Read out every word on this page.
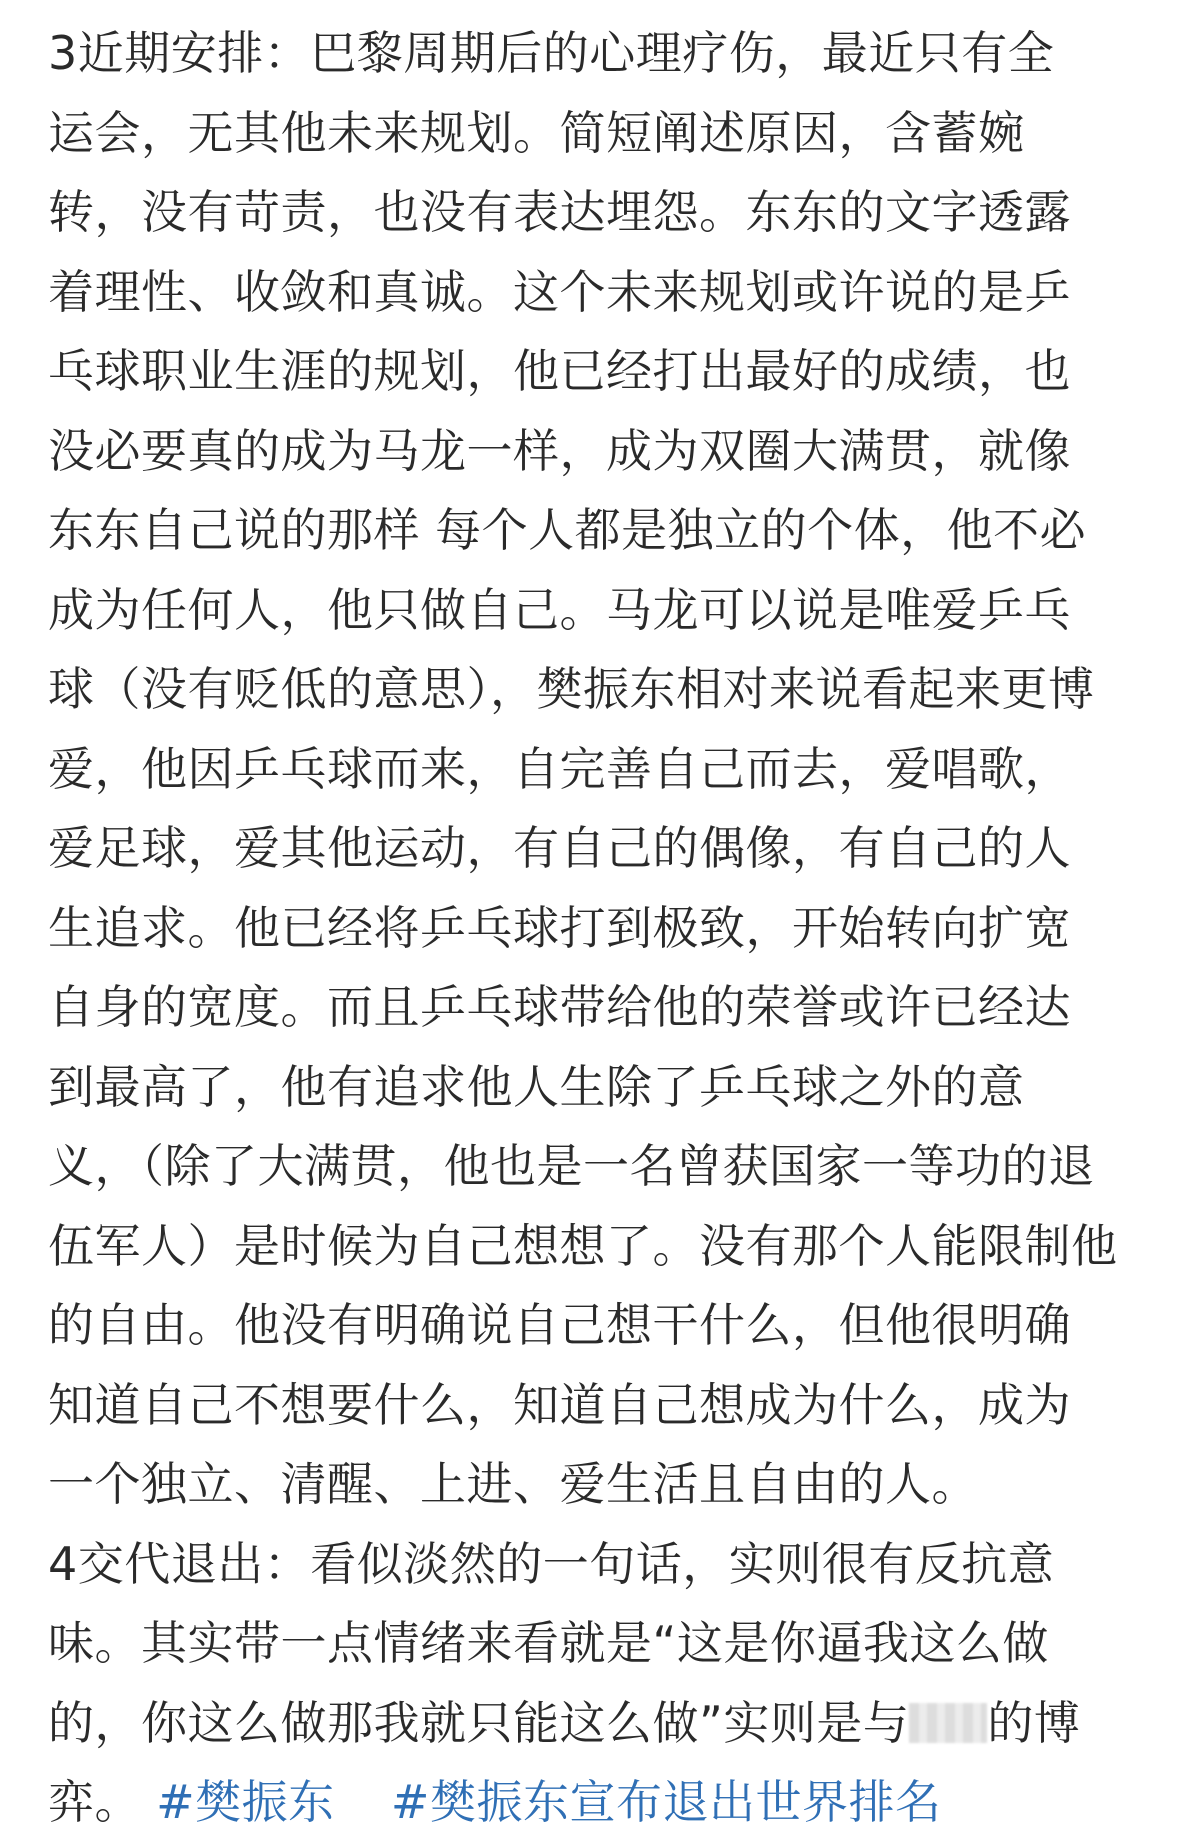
3近期安排：巴黎周期后的心理疗伤，最近只有全
运会，无其他未来规划。简短阐述原因，含蓄婉
转，没有苛责，也没有表达埋怨。东东的文字透露
着理性、收敛和真诚。这个未来规划或许说的是乒
乓球职业生涯的规划，他已经打出最好的成绩，也
没必要真的成为马龙一样，成为双圈大满贯，就像
东东自己说的那样 每个人都是独立的个体，他不必
成为任何人，他只做自己。马龙可以说是唯爱乒乓
球（没有贬低的意思），樊振东相对来说看起来更博
爱，他因乒乓球而来，自完善自己而去，爱唱歌，
爱足球，爱其他运动，有自己的偶像，有自己的人
生追求。他已经将乒乓球打到极致，开始转向扩宽
自身的宽度。而且乒乓球带给他的荣誉或许已经达
到最高了，他有追求他人生除了乒乓球之外的意
义，（除了大满贯，他也是一名曾获国家一等功的退
伍军人）是时候为自己想想了。没有那个人能限制他
的自由。他没有明确说自己想干什么，但他很明确
知道自己不想要什么，知道自己想成为什么，成为
一个独立、清醒、上进、爱生活且自由的人。
4交代退出：看似淡然的一句话，实则很有反抗意
味。其实带一点情绪来看就是“这是你逼我这么做
的，你这么做那我就只能这么做”实则是与 的博
弈。 #樊振东 #樊振东宣布退出世界排名
